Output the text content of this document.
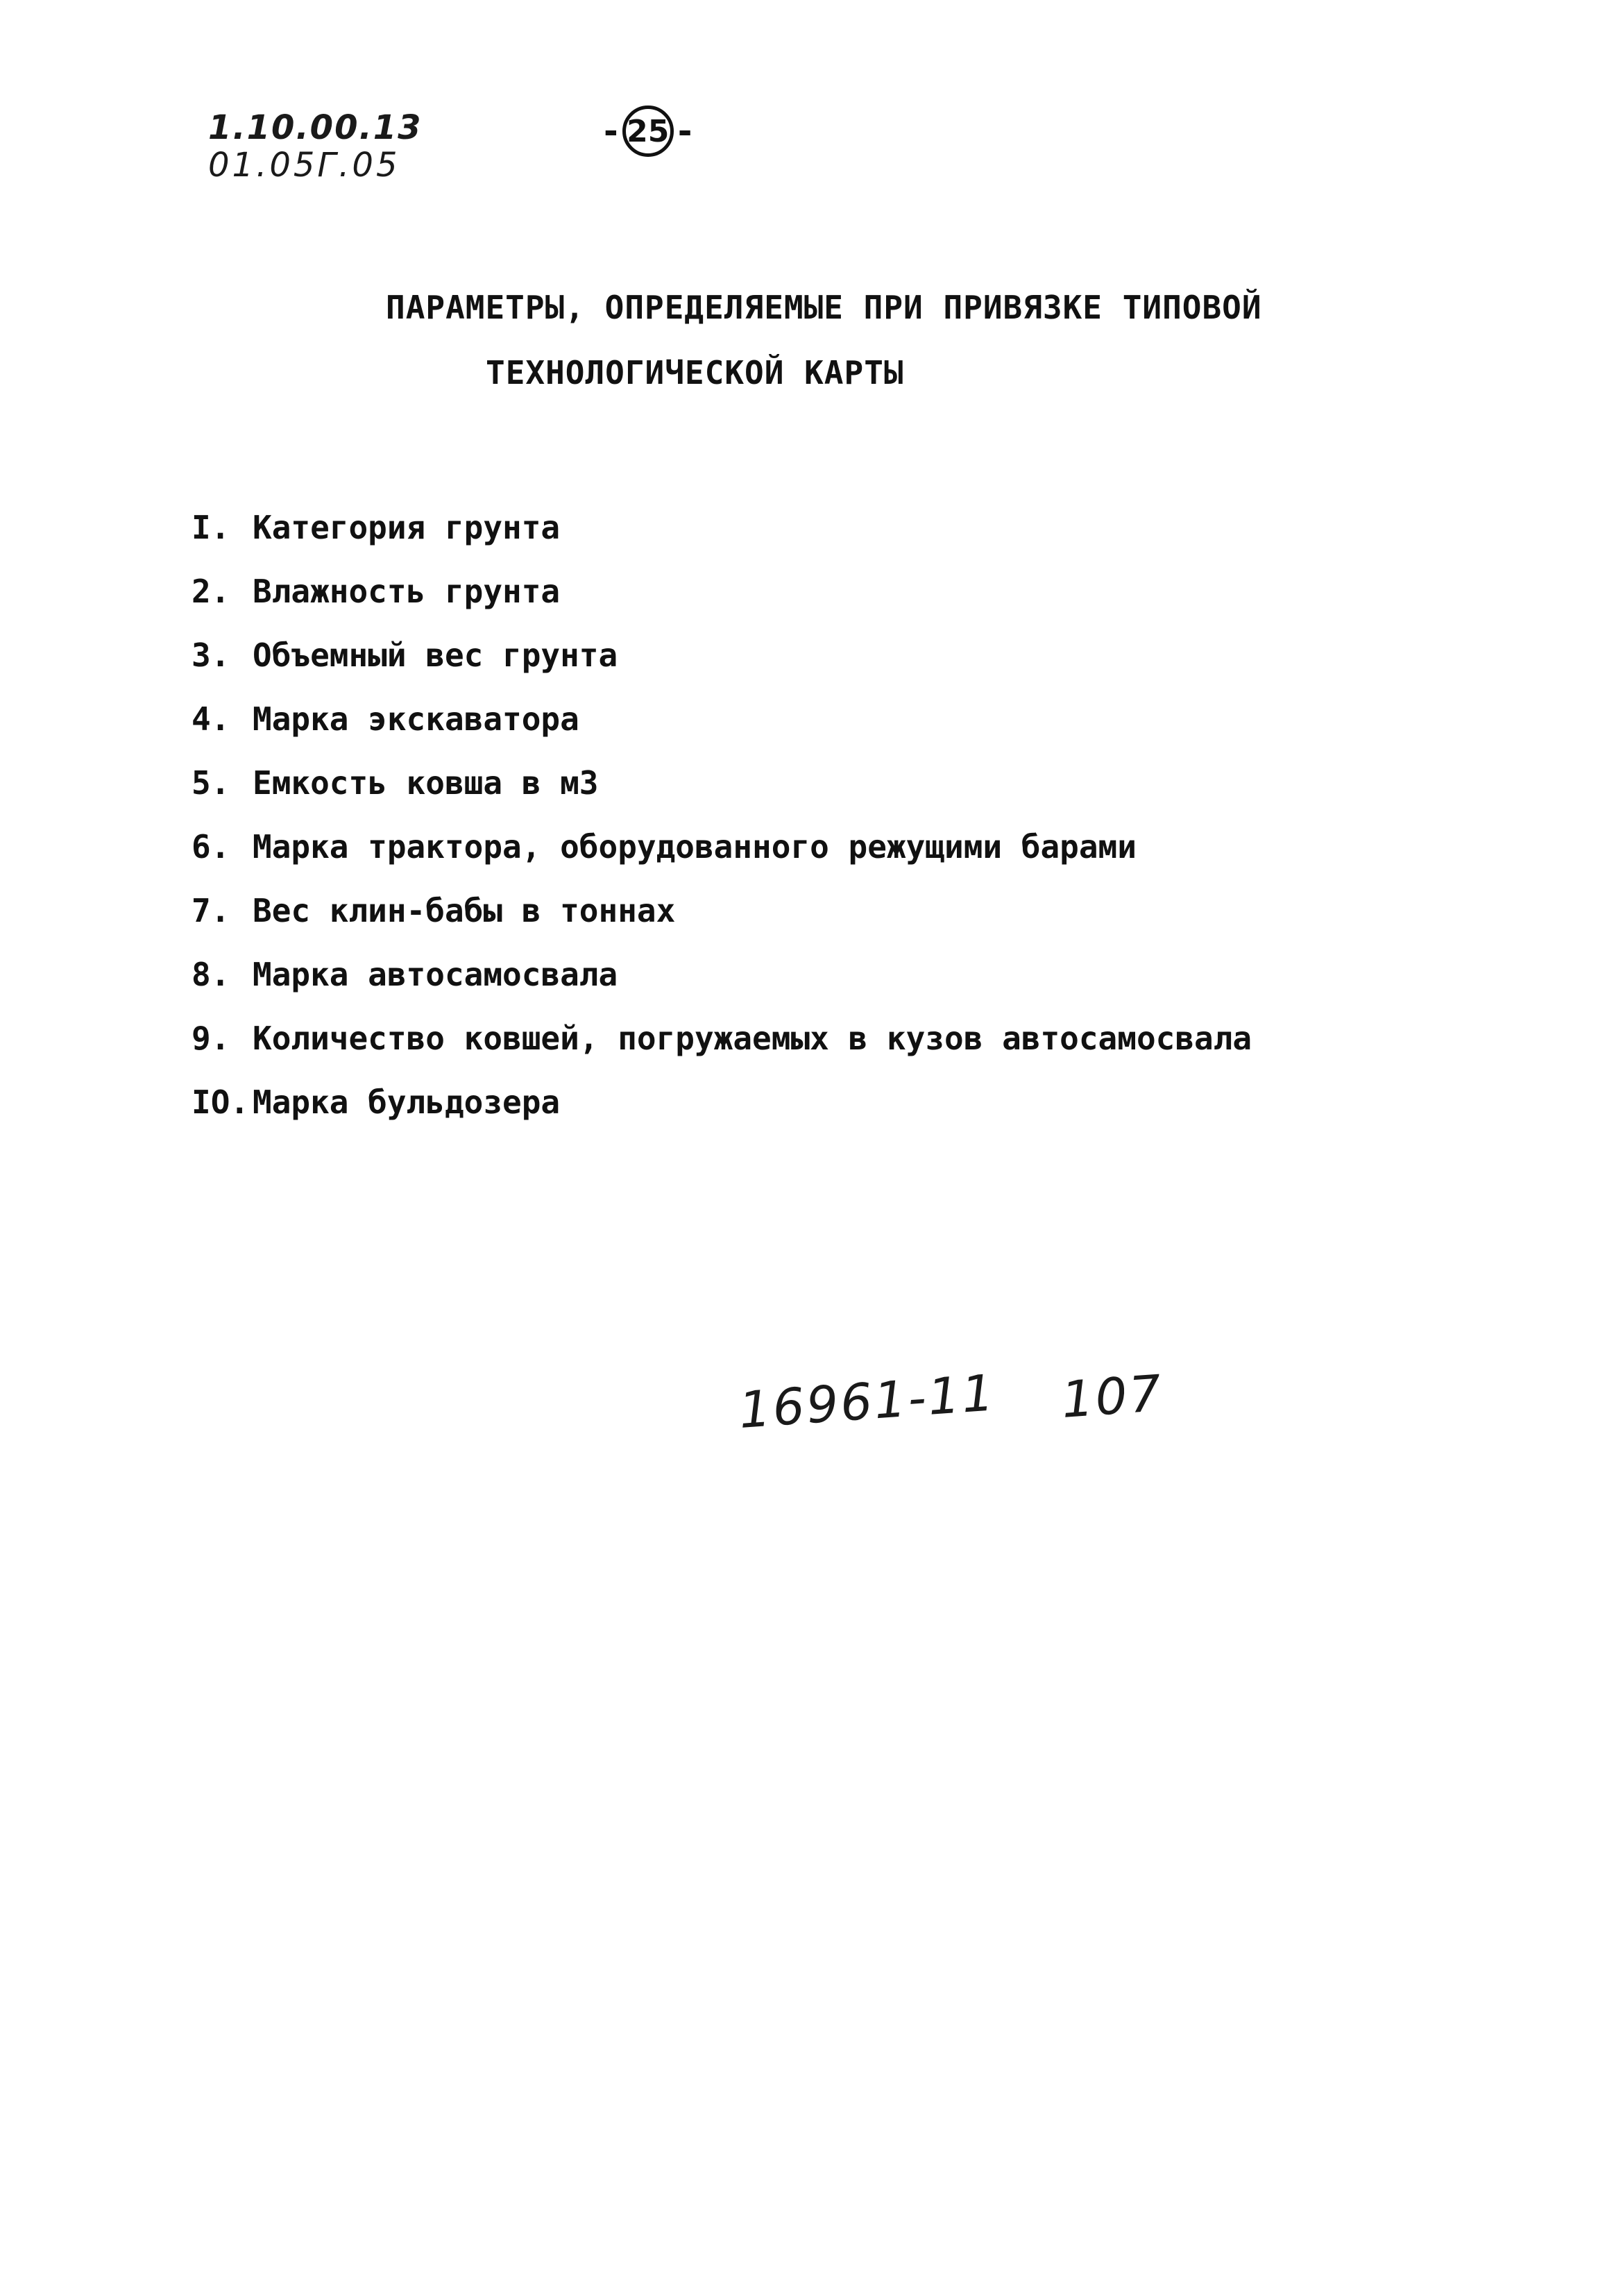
1.10.00.13
01.05Г.05
- 25 -
ПАРАМЕТРЫ, ОПРЕДЕЛЯЕМЫЕ ПРИ ПРИВЯЗКЕ ТИПОВОЙ
ТЕХНОЛОГИЧЕСКОЙ КАРТЫ
I. Категория грунта
2. Влажность грунта
3. Объемный вес грунта
4. Марка экскаватора
5. Емкость ковша в м3
6. Марка трактора, оборудованного режущими барами
7. Вес клин-бабы в тоннах
8. Марка автосамосвала
9. Количество ковшей, погружаемых в кузов автосамосвала
IO. Марка бульдозера
16961-11 107
